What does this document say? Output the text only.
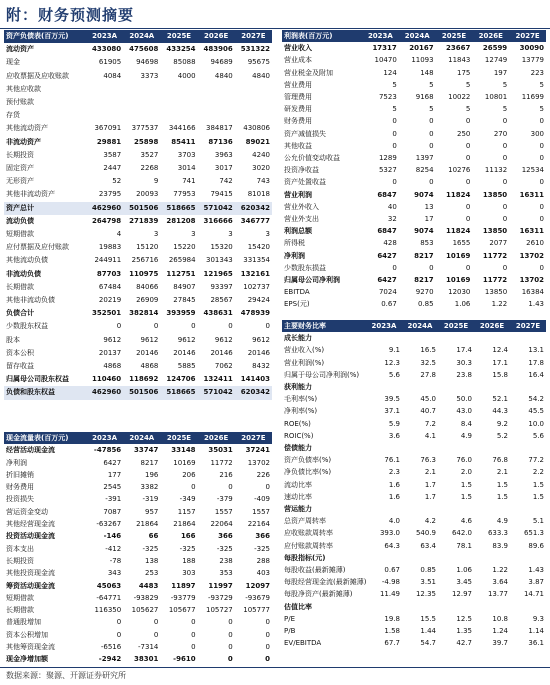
附：财务预测摘要
资产负债表(百万元)	2023A	2024A	2025E	2026E	2027E
流动资产	433080	475608	433254	483906	531322
现金	61905	94698	85088	94689	95675
应收票据及应收账款	4084	3373	4000	4840	4840
其他应收款					
预付账款					
存货					
其他流动资产	367091	377537	344166	384817	430806
非流动资产	29881	25898	85411	87136	89021
长期投资	3587	3527	3703	3963	4240
固定资产	2447	2268	3014	3017	3020
无形资产	52	9	741	742	743
其他非流动资产	23795	20093	77953	79415	81018
资产总计	462960	501506	518665	571042	620342
流动负债	264798	271839	281208	316666	346777
短期借款	4	3	3	3	3
应付票据及应付账款	19883	15120	15220	15320	15420
其他流动负债	244911	256716	265984	301343	331354
非流动负债	87703	110975	112751	121965	132161
长期借款	67484	84066	84907	93397	102737
其他非流动负债	20219	26909	27845	28567	29424
负债合计	352501	382814	393959	438631	478939
少数股东权益	0	0	0	0	0
股本	9612	9612	9612	9612	9612
资本公积	20137	20146	20146	20146	20146
留存收益	4868	4868	5885	7062	8432
归属母公司股东权益	110460	118692	124706	132411	141403
负债和股东权益	462960	501506	518665	571042	620342
利润表(百万元)	2023A	2024A	2025E	2026E	2027E
营业收入	17317	20167	23667	26599	30090
营业成本	10470	11093	11843	12749	13779
营业税金及附加	124	148	175	197	223
营业费用	5	5	5	5	5
管理费用	7523	9168	10022	10801	11699
研发费用	5	5	5	5	5
财务费用	0	0	0	0	0
资产减值损失	0	0	250	270	300
其他收益	0	0	0	0	0
公允价值变动收益	1289	1397	0	0	0
投资净收益	5327	8254	10276	11132	12534
资产处置收益	0	0	0	0	0
营业利润	6847	9074	11824	13850	16311
营业外收入	40	13	0	0	0
营业外支出	32	17	0	0	0
利润总额	6847	9074	11824	13850	16311
所得税	428	853	1655	2077	2610
净利润	6427	8217	10169	11772	13702
少数股东损益	0	0	0	0	0
归属母公司净利润	6427	8217	10169	11772	13702
EBITDA	7024	9270	12030	13850	16384
EPS(元)	0.67	0.85	1.06	1.22	1.43
现金流量表(百万元)	2023A	2024A	2025E	2026E	2027E
经营活动现金流	-47856	33747	33148	35031	37241
净利润	6427	8217	10169	11772	13702
折旧摊销	177	196	206	216	226
财务费用	2545	3382	0	0	0
投资损失	-391	-319	-349	-379	-409
营运资金变动	7087	957	1157	1557	1557
其他经营现金流	-63267	21864	21864	22064	22164
投资活动现金流	-146	66	166	366	366
资本支出	-412	-325	-325	-325	-325
长期投资	-78	138	188	238	288
其他投资现金流	343	253	303	353	403
筹资活动现金流	45063	4483	11897	11997	12097
短期借款	-64771	-93829	-93779	-93729	-93679
长期借款	116350	105627	105677	105727	105777
普通股增加	0	0	0	0	0
资本公积增加	0	0	0	0	0
其他筹资现金流	-6516	-7314	0	0	0
现金净增加额	-2942	38301	-9610	0	0
主要财务比率	2023A	2024A	2025E	2026E	2027E
成长能力					
营业收入(%)	9.1	16.5	17.4	12.4	13.1
营业利润(%)	12.3	32.5	30.3	17.1	17.8
归属于母公司净利润(%)	5.6	27.8	23.8	15.8	16.4
获利能力					
毛利率(%)	39.5	45.0	50.0	52.1	54.2
净利率(%)	37.1	40.7	43.0	44.3	45.5
ROE(%)	5.9	7.2	8.4	9.2	10.0
ROIC(%)	3.6	4.1	4.9	5.2	5.6
偿债能力					
资产负债率(%)	76.1	76.3	76.0	76.8	77.2
净负债比率(%)	2.3	2.1	2.0	2.1	2.2
流动比率	1.6	1.7	1.5	1.5	1.5
速动比率	1.6	1.7	1.5	1.5	1.5
营运能力					
总资产周转率	4.0	4.2	4.6	4.9	5.1
应收账款周转率	393.0	540.9	642.0	633.3	651.3
应付账款周转率	64.3	63.4	78.1	83.9	89.6
每股指标(元)					
每股收益(最新摊薄)	0.67	0.85	1.06	1.22	1.43
每股经营现金流(最新摊薄)	-4.98	3.51	3.45	3.64	3.87
每股净资产(最新摊薄)	11.49	12.35	12.97	13.77	14.71
估值比率					
P/E	19.8	15.5	12.5	10.8	9.3
P/B	1.58	1.44	1.35	1.24	1.14
EV/EBITDA	67.7	54.7	42.7	39.7	36.1
数据来源：聚源、开源证券研究所
